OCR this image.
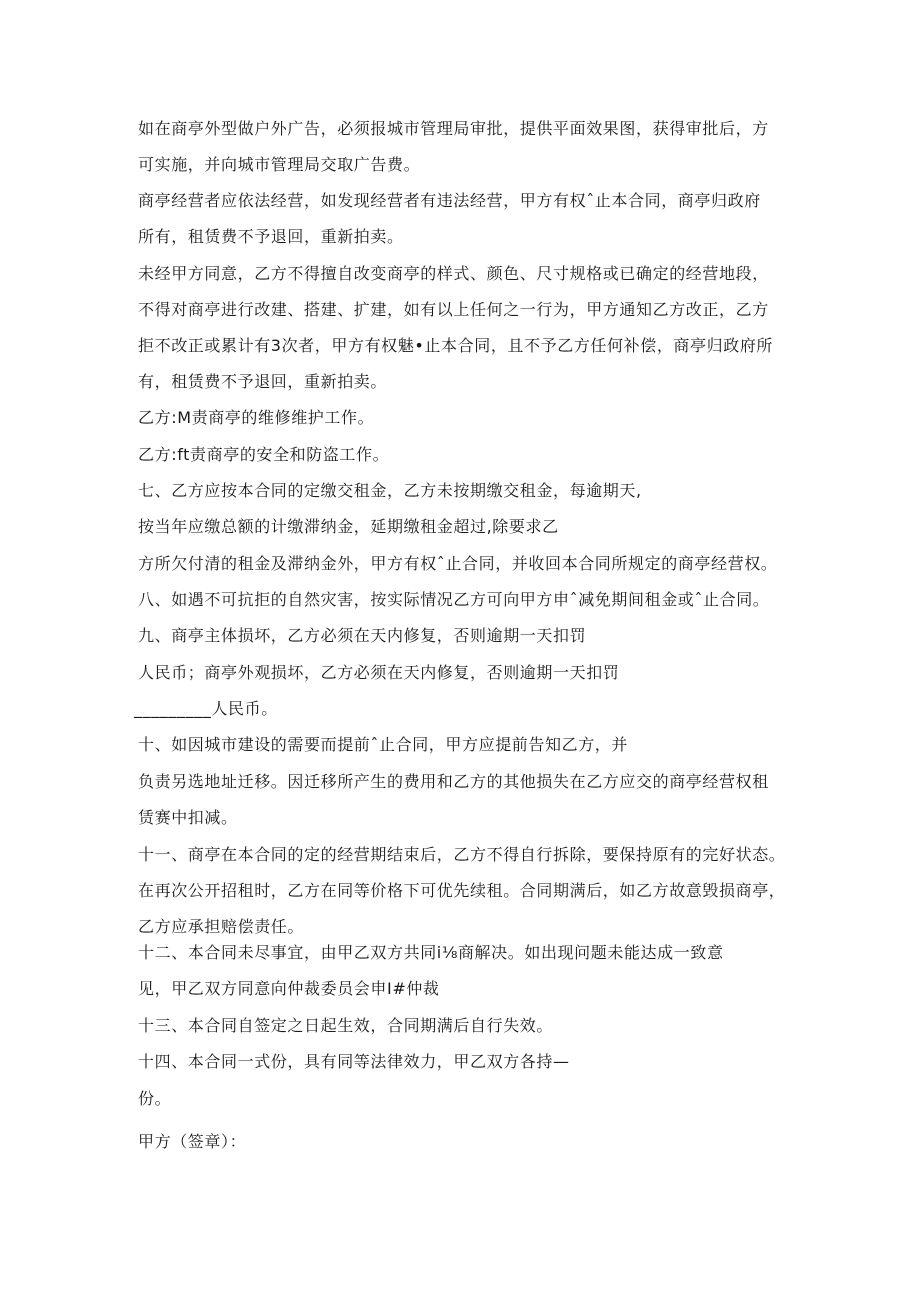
如在商亭外型做户外广告，必须报城市管理局审批，提供平面效果图，获得审批后，方
可实施，并向城市管理局交取广告费。
商亭经营者应依法经营，如发现经营者有违法经营，甲方有权ˆ止本合同，商亭归政府
所有，租赁费不予退回，重新拍卖。
未经甲方同意，乙方不得擅自改变商亭的样式、颜色、尺寸规格或已确定的经营地段，
不得对商亭进行改建、搭建、扩建，如有以上任何之一行为，甲方通知乙方改正，乙方
拒不改正或累计有3次者，甲方有权魅•止本合同，且不予乙方任何补偿，商亭归政府所
有，租赁费不予退回，重新拍卖。
乙方:M责商亭的维修维护工作。
乙方:ft责商亭的安全和防盗工作。
七、乙方应按本合同的定缴交租金，乙方未按期缴交租金，每逾期天,
按当年应缴总额的计缴滞纳金，延期缴租金超过,除要求乙
方所欠付清的租金及滞纳金外，甲方有权ˆ止合同，并收回本合同所规定的商亭经营权。
八、如遇不可抗拒的自然灾害，按实际情况乙方可向甲方申ˆ减免期间租金或ˆ止合同。
九、商亭主体损坏，乙方必须在天内修复，否则逾期一天扣罚
人民币；商亭外观损坏，乙方必须在天内修复，否则逾期一天扣罚
_________人民币。
十、如因城市建设的需要而提前ˆ止合同，甲方应提前告知乙方，并
负责另选地址迁移。因迁移所产生的费用和乙方的其他损失在乙方应交的商亭经营权租
赁赛中扣减。
十一、商亭在本合同的定的经营期结束后，乙方不得自行拆除，要保持原有的完好状态。
在再次公开招租时，乙方在同等价格下可优先续租。合同期满后，如乙方故意毁损商亭，
乙方应承担赔偿责任。
十二、本合同未尽事宜，由甲乙双方共同i⅛商解决。如出现问题未能达成一致意
见，甲乙双方同意向仲裁委员会申I#仲裁
十三、本合同自签定之日起生效，合同期满后自行失效。
十四、本合同一式份，具有同等法律效力，甲乙双方各持—
份。
甲方（签章）：
